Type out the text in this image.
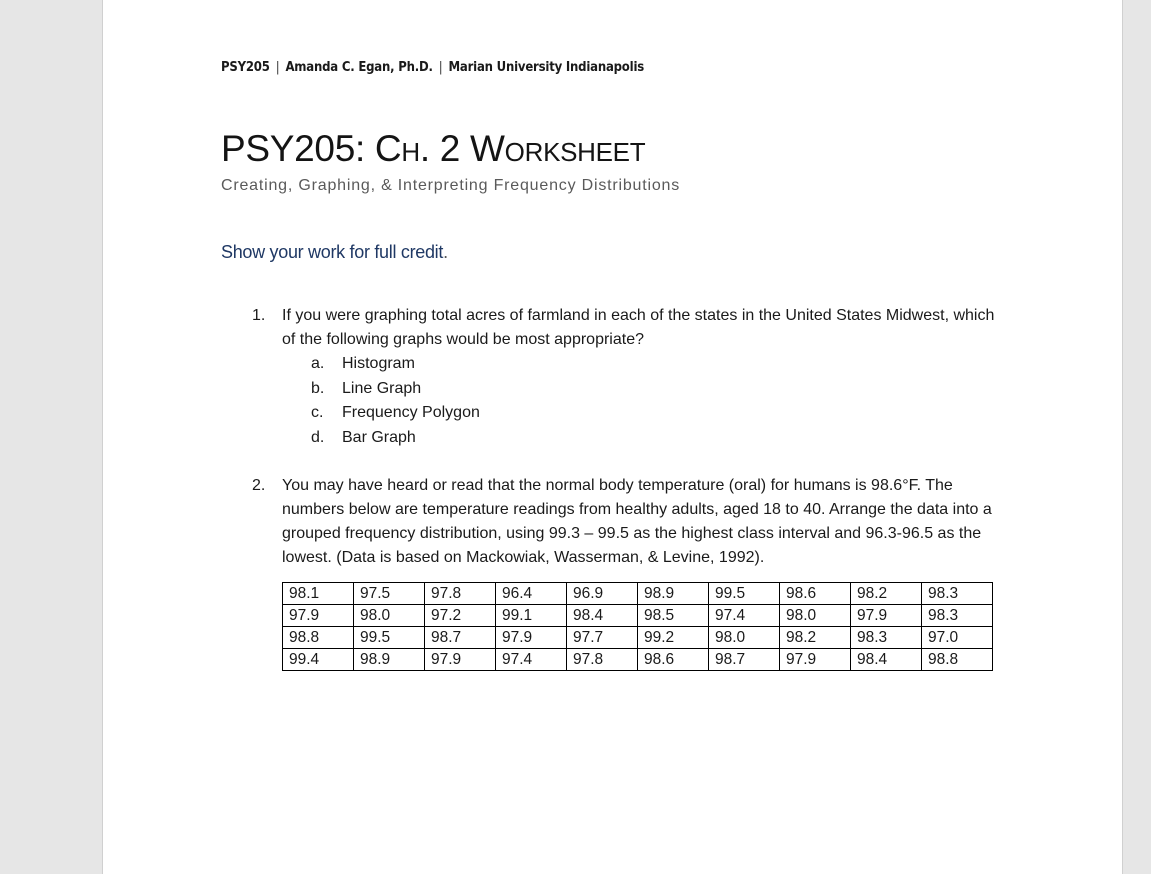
PSY205 | Amanda C. Egan, Ph.D. | Marian University Indianapolis
PSY205: Ch. 2 Worksheet
Creating, Graphing, & Interpreting Frequency Distributions
Show your work for full credit.
1. If you were graphing total acres of farmland in each of the states in the United States Midwest, which of the following graphs would be most appropriate?
a. Histogram
b. Line Graph
c. Frequency Polygon
d. Bar Graph
2. You may have heard or read that the normal body temperature (oral) for humans is 98.6°F. The numbers below are temperature readings from healthy adults, aged 18 to 40. Arrange the data into a grouped frequency distribution, using 99.3 – 99.5 as the highest class interval and 96.3-96.5 as the lowest. (Data is based on Mackowiak, Wasserman, & Levine, 1992).
98.1	97.5	97.8	96.4	96.9	98.9	99.5	98.6	98.2	98.3
97.9	98.0	97.2	99.1	98.4	98.5	97.4	98.0	97.9	98.3
98.8	99.5	98.7	97.9	97.7	99.2	98.0	98.2	98.3	97.0
99.4	98.9	97.9	97.4	97.8	98.6	98.7	97.9	98.4	98.8
